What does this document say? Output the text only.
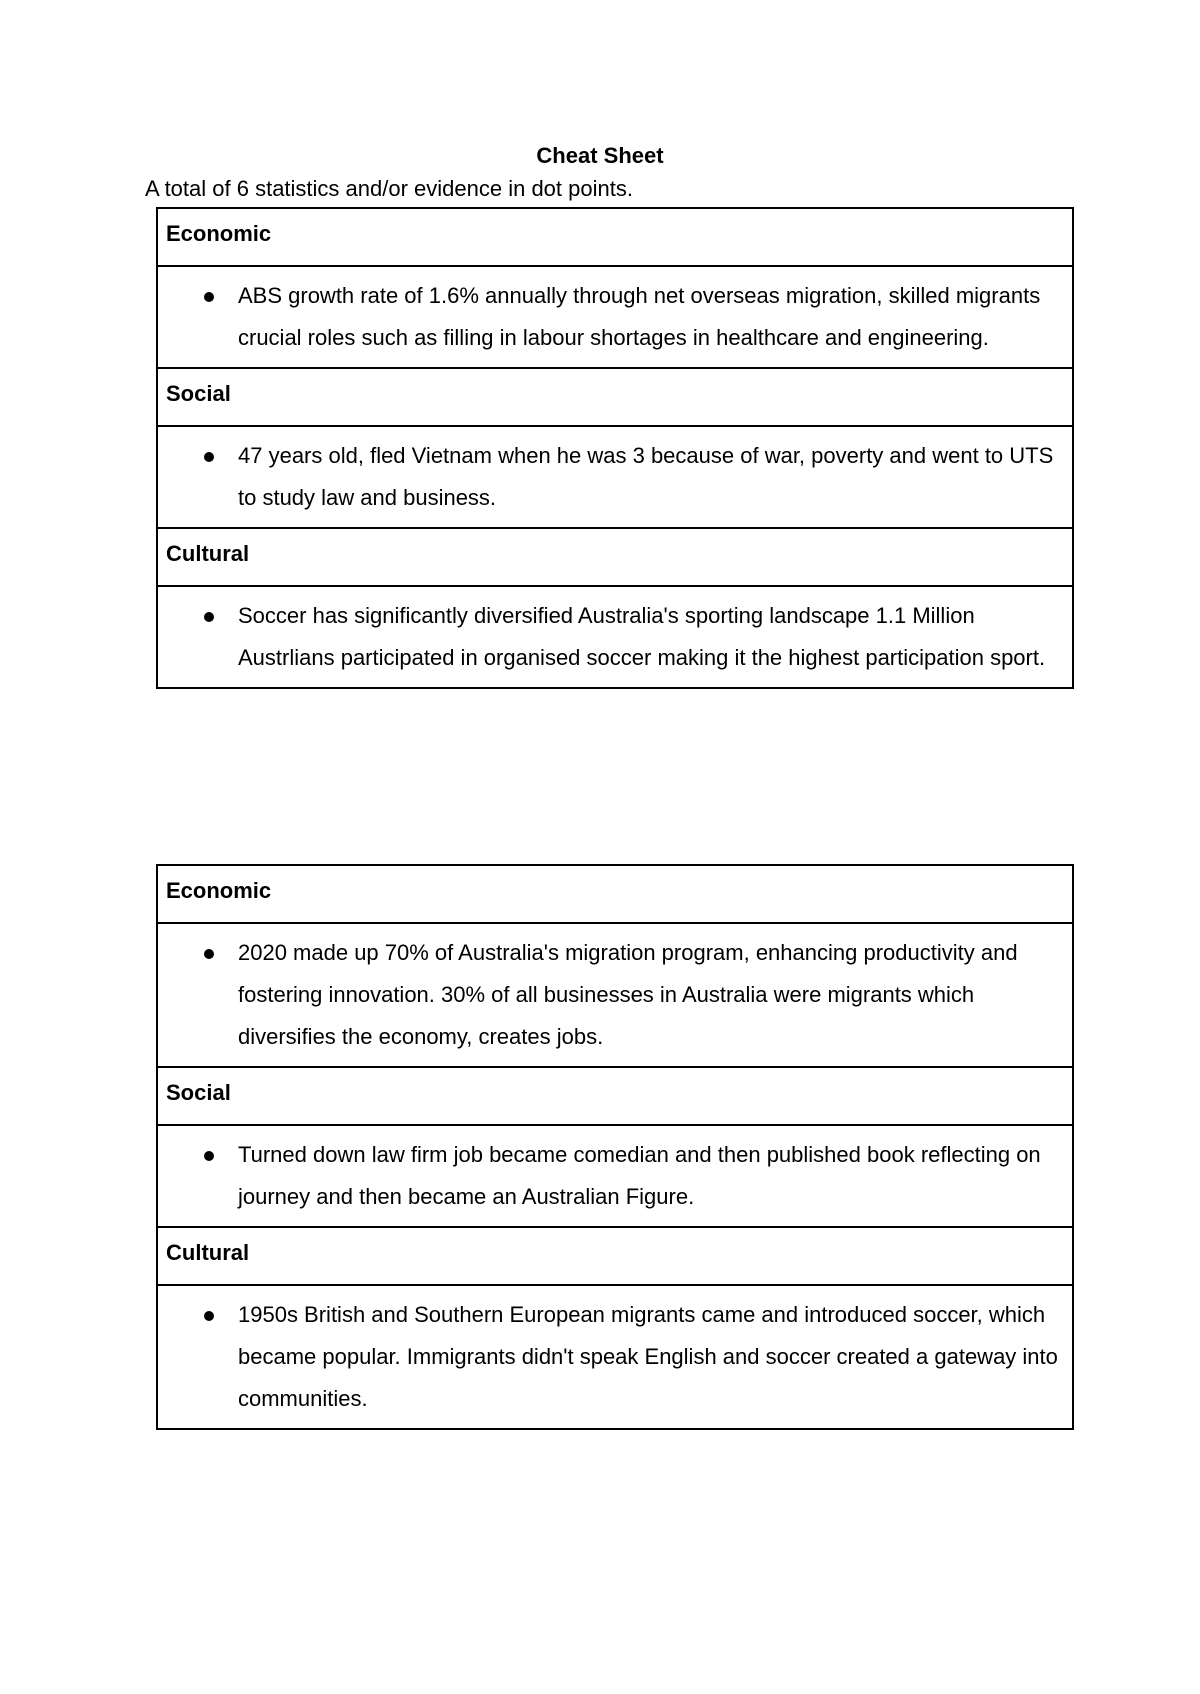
Cheat Sheet
A total of 6 statistics and/or evidence in dot points.
Economic

ABS growth rate of 1.6% annually through net overseas migration, skilled migrants crucial roles such as filling in labour shortages in healthcare and engineering.

Social

47 years old, fled Vietnam when he was 3 because of war, poverty and went to UTS to study law and business.

Cultural

Soccer has significantly diversified Australia's sporting landscape 1.1 Million Austrlians participated in organised soccer making it the highest participation sport.
Economic

2020 made up 70% of Australia's migration program, enhancing productivity and fostering innovation. 30% of all businesses in Australia were migrants which diversifies the economy, creates jobs.

Social

Turned down law firm job became comedian and then published book reflecting on journey and then became an Australian Figure.

Cultural

1950s British and Southern European migrants came and introduced soccer, which became popular. Immigrants didn't speak English and soccer created a gateway into communities.
